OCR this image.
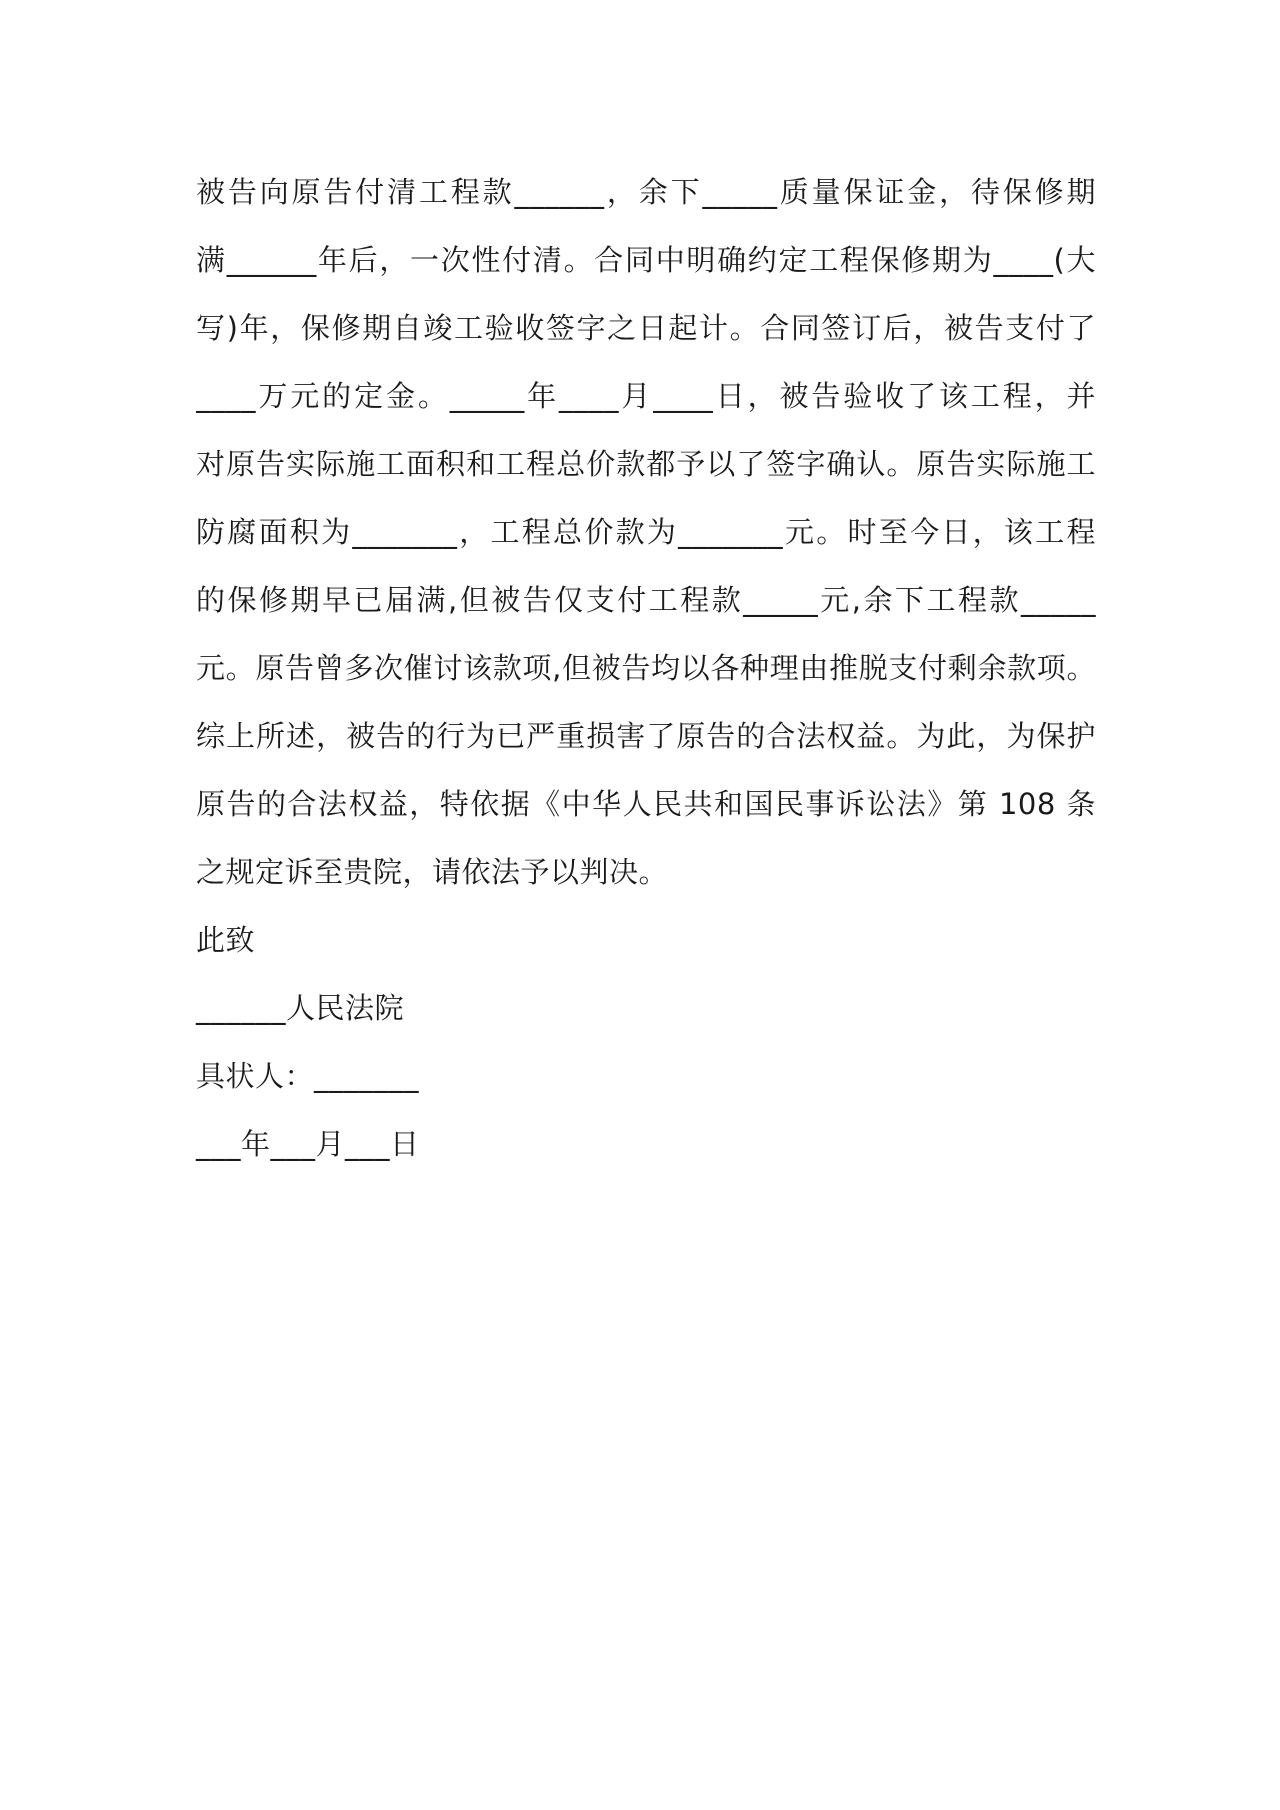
被告向原告付清工程款______，余下_____质量保证金，待保修期
满______年后，一次性付清。合同中明确约定工程保修期为____(大
写)年，保修期自竣工验收签字之日起计。合同签订后，被告支付了
____万元的定金。_____年____月____日，被告验收了该工程，并
对原告实际施工面积和工程总价款都予以了签字确认。原告实际施工
防腐面积为_______，工程总价款为_______元。时至今日，该工程
的保修期早已届满,但被告仅支付工程款_____元,余下工程款_____
元。原告曾多次催讨该款项,但被告均以各种理由推脱支付剩余款项。
综上所述，被告的行为已严重损害了原告的合法权益。为此，为保护
原告的合法权益，特依据《中华人民共和国民事诉讼法》第 108 条
之规定诉至贵院，请依法予以判决。
此致
______人民法院
具状人：_______
___年___月___日
